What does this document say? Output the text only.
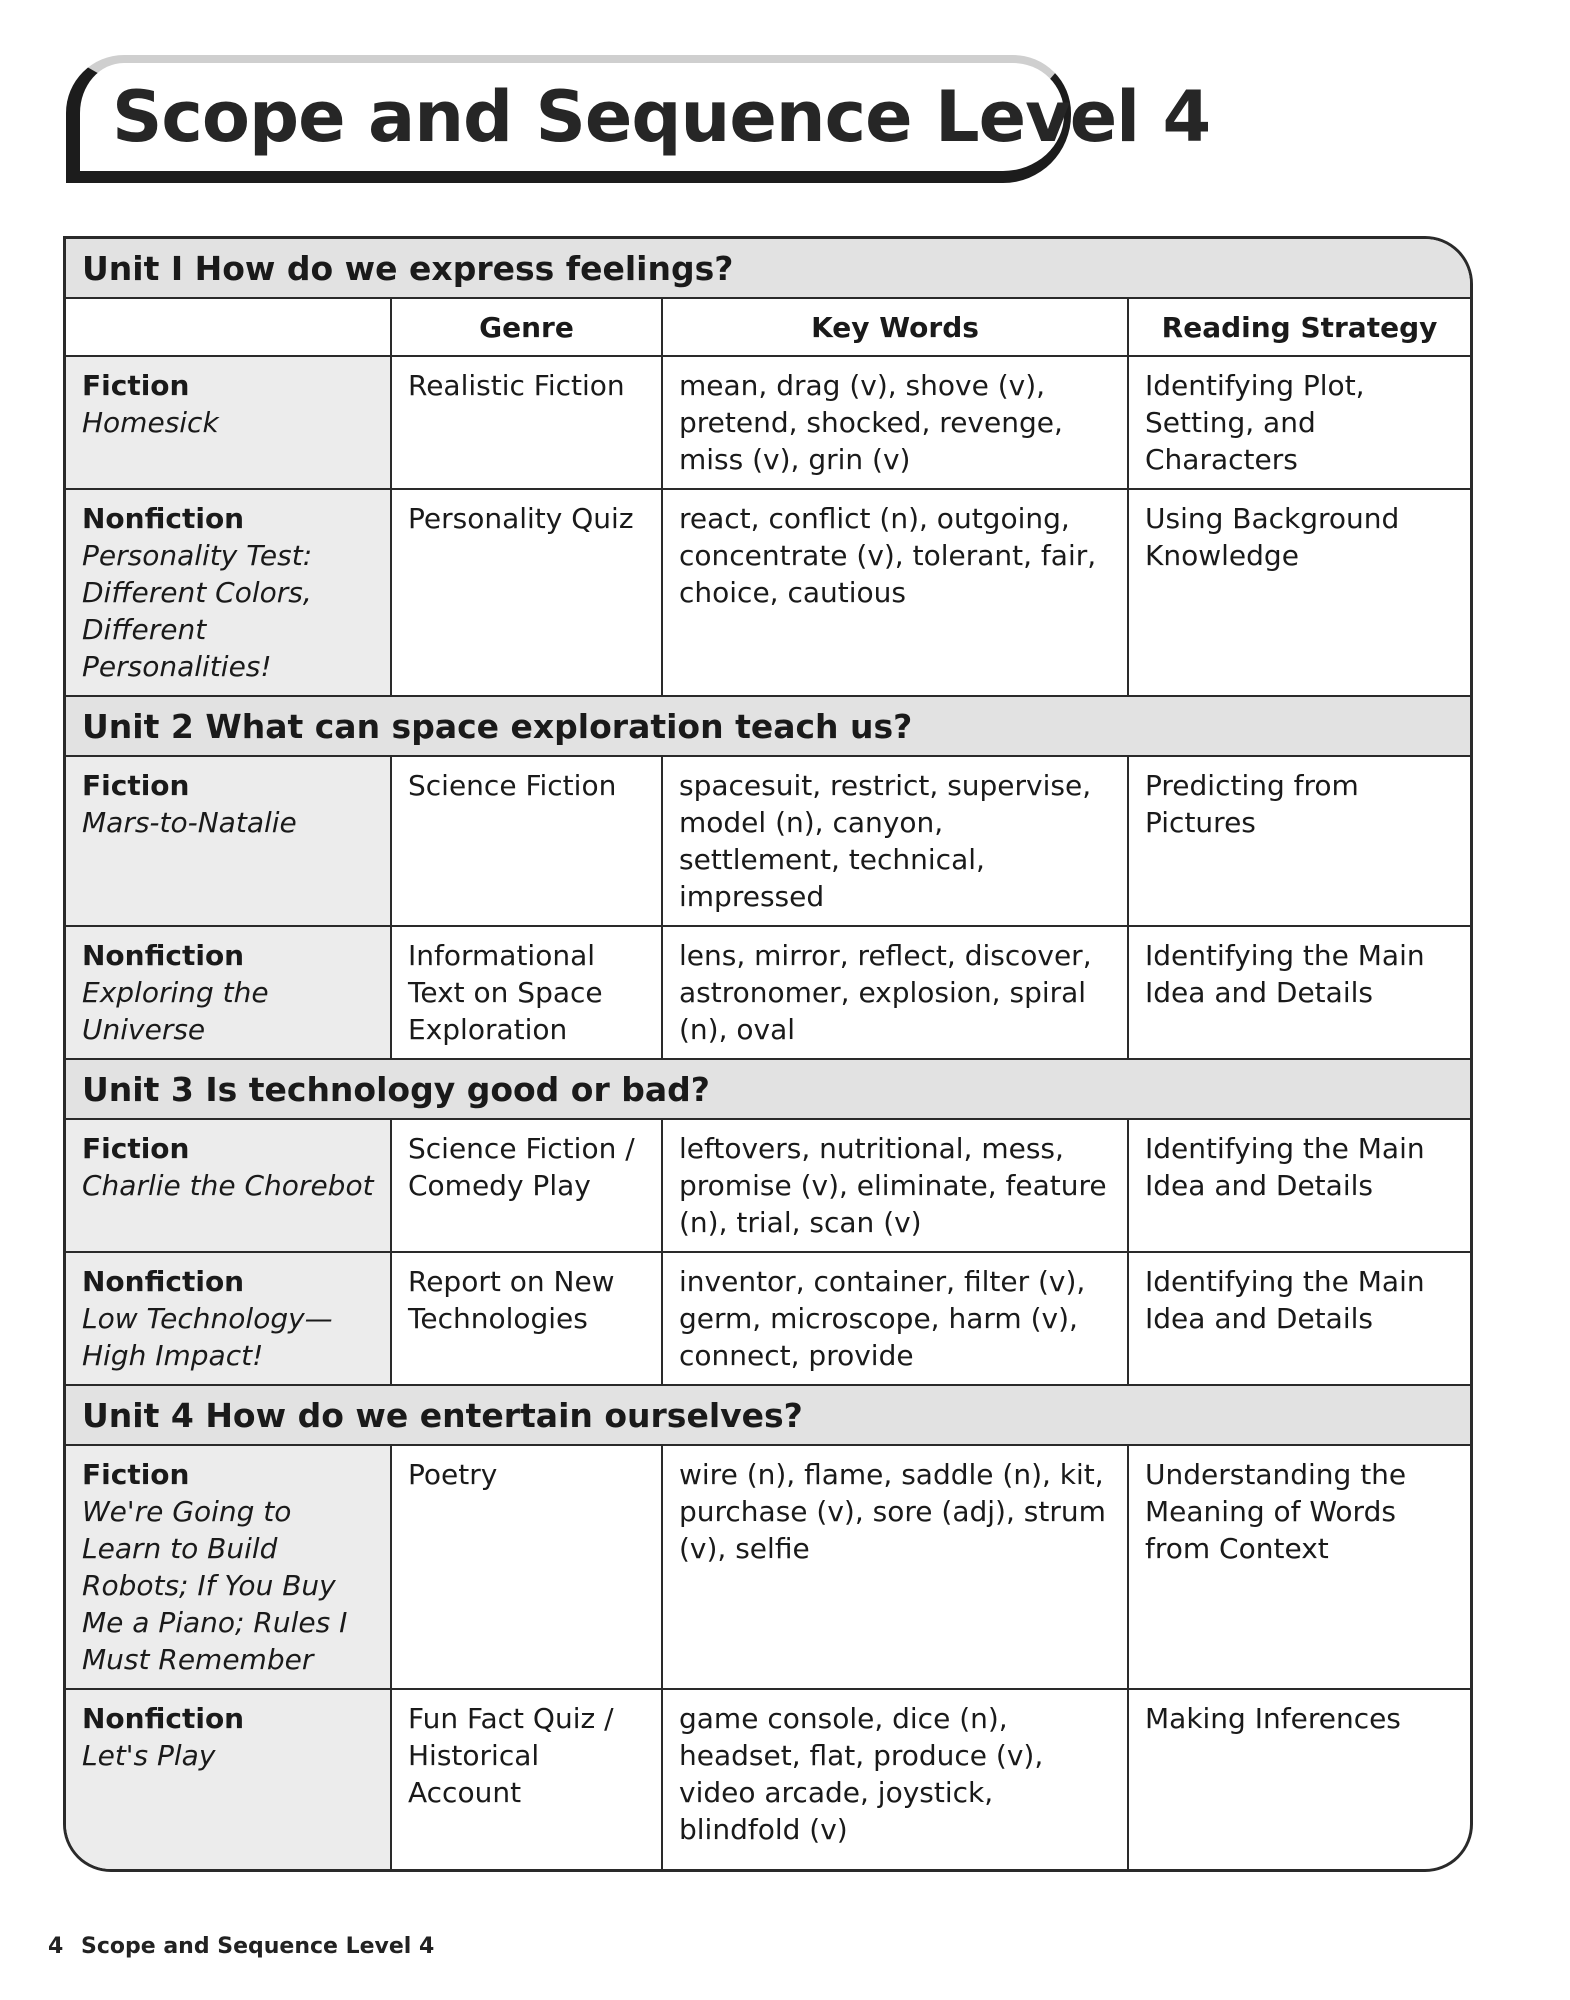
Scope and Sequence Level 4
Unit I How do we express feelings?			
	Genre	Key Words	Reading Strategy

Fiction
Homesick	Realistic Fiction	mean, drag (v), shove (v), pretend, shocked, revenge, miss (v), grin (v)	Identifying Plot, Setting, and Characters

Nonfiction
Personality Test: Different Colors, Different Personalities!	Personality Quiz	react, conflict (n), outgoing, concentrate (v), tolerant, fair, choice, cautious	Using Background Knowledge
Unit 2 What can space exploration teach us?			

Fiction
Mars-to-Natalie	Science Fiction	spacesuit, restrict, supervise, model (n), canyon, settlement, technical, impressed	Predicting from Pictures

Nonfiction
Exploring the Universe	Informational Text on Space Exploration	lens, mirror, reflect, discover, astronomer, explosion, spiral (n), oval	Identifying the Main Idea and Details
Unit 3 Is technology good or bad?			

Fiction
Charlie the Chorebot	Science Fiction / Comedy Play	leftovers, nutritional, mess, promise (v), eliminate, feature (n), trial, scan (v)	Identifying the Main Idea and Details

Nonfiction
Low Technology—High Impact!	Report on New Technologies	inventor, container, filter (v), germ, microscope, harm (v), connect, provide	Identifying the Main Idea and Details
Unit 4 How do we entertain ourselves?			

Fiction
We're Going to Learn to Build Robots; If You Buy Me a Piano; Rules I Must Remember	Poetry	wire (n), flame, saddle (n), kit, purchase (v), sore (adj), strum (v), selfie	Understanding the Meaning of Words from Context

Nonfiction
Let's Play	Fun Fact Quiz / Historical Account	game console, dice (n), headset, flat, produce (v), video arcade, joystick, blindfold (v)	Making Inferences
4 Scope and Sequence Level 4
